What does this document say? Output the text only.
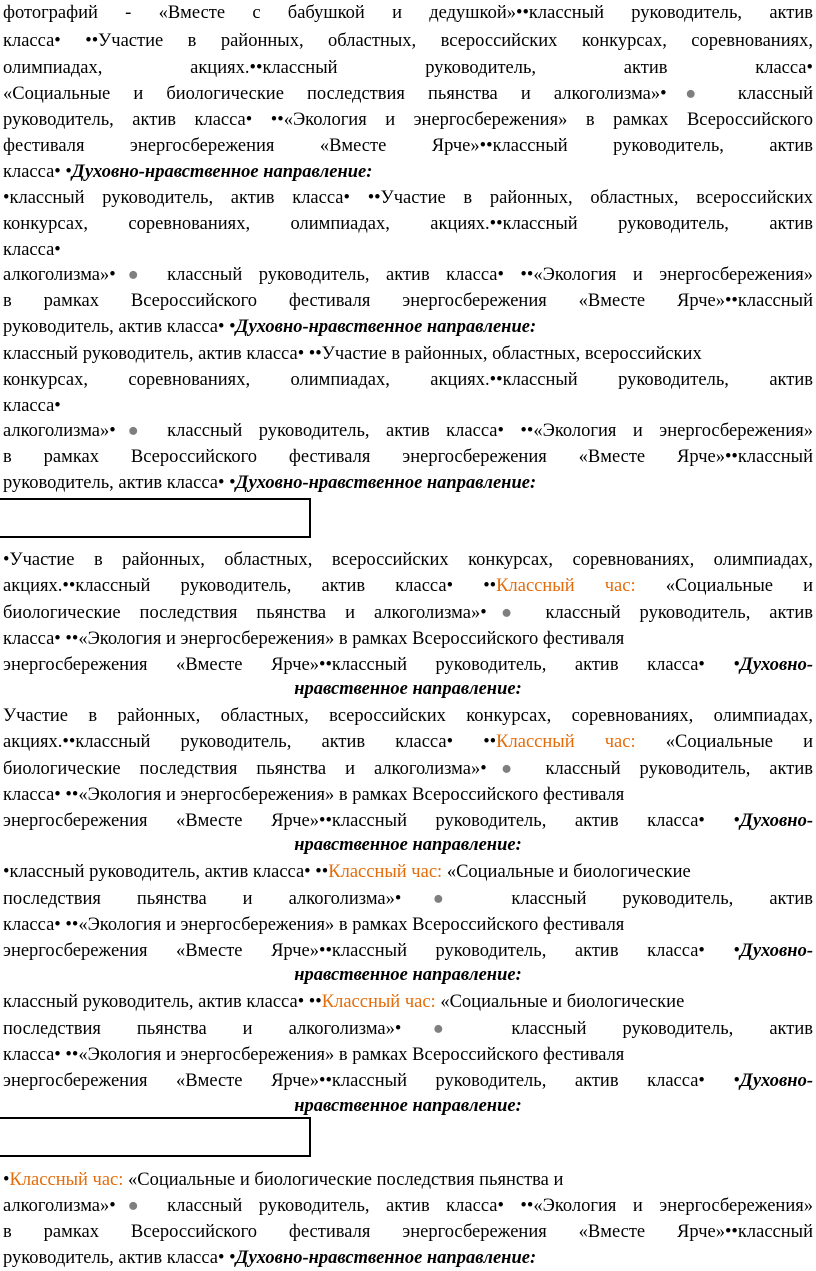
фотографий - «Вместе с бабушкой и дедушкой»••классный руководитель, актив
класса• ••Участие в районных, областных, всероссийских конкурсах, соревнованиях,
олимпиадах, акциях.••классный руководитель, актив класса•
«Социальные и биологические последствия пьянства и алкоголизма»•● классный
руководитель, актив класса• ••«Экология и энергосбережения» в рамках Всероссийского
фестиваля энергосбережения «Вместе Ярче»••классный руководитель, актив
класса• •Духовно-нравственное направление:
•классный руководитель, актив класса• ••Участие в районных, областных, всероссийских
конкурсах, соревнованиях, олимпиадах, акциях.••классный руководитель, актив
класса•
алкоголизма»•● классный руководитель, актив класса• ••«Экология и энергосбережения»
в рамках Всероссийского фестиваля энергосбережения «Вместе Ярче»••классный
руководитель, актив класса• •Духовно-нравственное направление:
классный руководитель, актив класса• ••Участие в районных, областных, всероссийских
конкурсах, соревнованиях, олимпиадах, акциях.••классный руководитель, актив
класса•
алкоголизма»•● классный руководитель, актив класса• ••«Экология и энергосбережения»
в рамках Всероссийского фестиваля энергосбережения «Вместе Ярче»••классный
руководитель, актив класса• •Духовно-нравственное направление:
•Участие в районных, областных, всероссийских конкурсах, соревнованиях, олимпиадах,
акциях.••классный руководитель, актив класса• ••Классный час: «Социальные и
биологические последствия пьянства и алкоголизма»•● классный руководитель, актив
класса• ••«Экология и энергосбережения» в рамках Всероссийского фестиваля
энергосбережения «Вместе Ярче»••классный руководитель, актив класса• •Духовно-
нравственное направление:
Участие в районных, областных, всероссийских конкурсах, соревнованиях, олимпиадах,
акциях.••классный руководитель, актив класса• ••Классный час: «Социальные и
биологические последствия пьянства и алкоголизма»•● классный руководитель, актив
класса• ••«Экология и энергосбережения» в рамках Всероссийского фестиваля
энергосбережения «Вместе Ярче»••классный руководитель, актив класса• •Духовно-
нравственное направление:
•классный руководитель, актив класса• ••Классный час: «Социальные и биологические
последствия пьянства и алкоголизма»•● классный руководитель, актив
класса• ••«Экология и энергосбережения» в рамках Всероссийского фестиваля
энергосбережения «Вместе Ярче»••классный руководитель, актив класса• •Духовно-
нравственное направление:
классный руководитель, актив класса• ••Классный час: «Социальные и биологические
последствия пьянства и алкоголизма»•● классный руководитель, актив
класса• ••«Экология и энергосбережения» в рамках Всероссийского фестиваля
энергосбережения «Вместе Ярче»••классный руководитель, актив класса• •Духовно-
нравственное направление:
•Классный час: «Социальные и биологические последствия пьянства и
алкоголизма»•● классный руководитель, актив класса• ••«Экология и энергосбережения»
в рамках Всероссийского фестиваля энергосбережения «Вместе Ярче»••классный
руководитель, актив класса• •Духовно-нравственное направление:
